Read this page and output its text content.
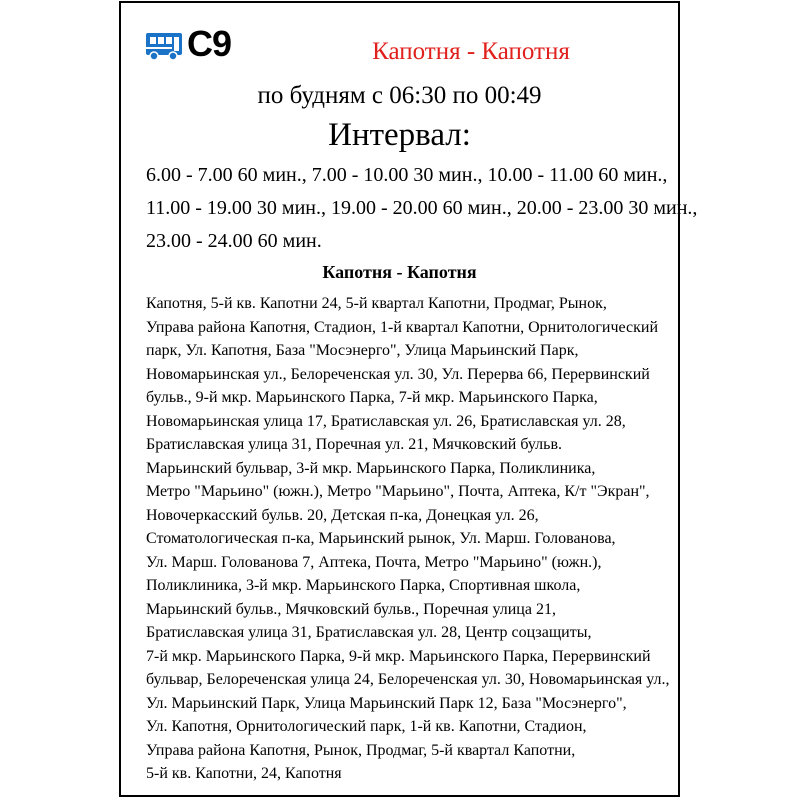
С9	Капотня - Капотня
по будням с 06:30 по 00:49
Интервал:
6.00 - 7.00 60 мин., 7.00 - 10.00 30 мин., 10.00 - 11.00 60 мин.,
11.00 - 19.00 30 мин., 19.00 - 20.00 60 мин., 20.00 - 23.00 30 мин.,
23.00 - 24.00 60 мин.
Капотня - Капотня
Капотня, 5-й кв. Капотни 24, 5-й квартал Капотни, Продмаг, Рынок,
Управа района Капотня, Стадион, 1-й квартал Капотни, Орнитологический
парк, Ул. Капотня, База "Мосэнерго", Улица Марьинский Парк,
Новомарьинская ул., Белореченская ул. 30, Ул. Перерва 66, Перервинский
бульв., 9-й мкр. Марьинского Парка, 7-й мкр. Марьинского Парка,
Новомарьинская улица 17, Братиславская ул. 26, Братиславская ул. 28,
Братиславская улица 31, Поречная ул. 21, Мячковский бульв.
Марьинский бульвар, 3-й мкр. Марьинского Парка, Поликлиника,
Метро "Марьино" (южн.), Метро "Марьино", Почта, Аптека, К/т "Экран",
Новочеркасский бульв. 20, Детская п-ка, Донецкая ул. 26,
Стоматологическая п-ка, Марьинский рынок, Ул. Марш. Голованова,
Ул. Марш. Голованова 7, Аптека, Почта, Метро "Марьино" (южн.),
Поликлиника, 3-й мкр. Марьинского Парка, Спортивная школа,
Марьинский бульв., Мячковский бульв., Поречная улица 21,
Братиславская улица 31, Братиславская ул. 28, Центр соцзащиты,
7-й мкр. Марьинского Парка, 9-й мкр. Марьинского Парка, Перервинский
бульвар, Белореченская улица 24, Белореченская ул. 30, Новомарьинская ул.,
Ул. Марьинский Парк, Улица Марьинский Парк 12, База "Мосэнерго",
Ул. Капотня, Орнитологический парк, 1-й кв. Капотни, Стадион,
Управа района Капотня, Рынок, Продмаг, 5-й квартал Капотни,
5-й кв. Капотни, 24, Капотня
